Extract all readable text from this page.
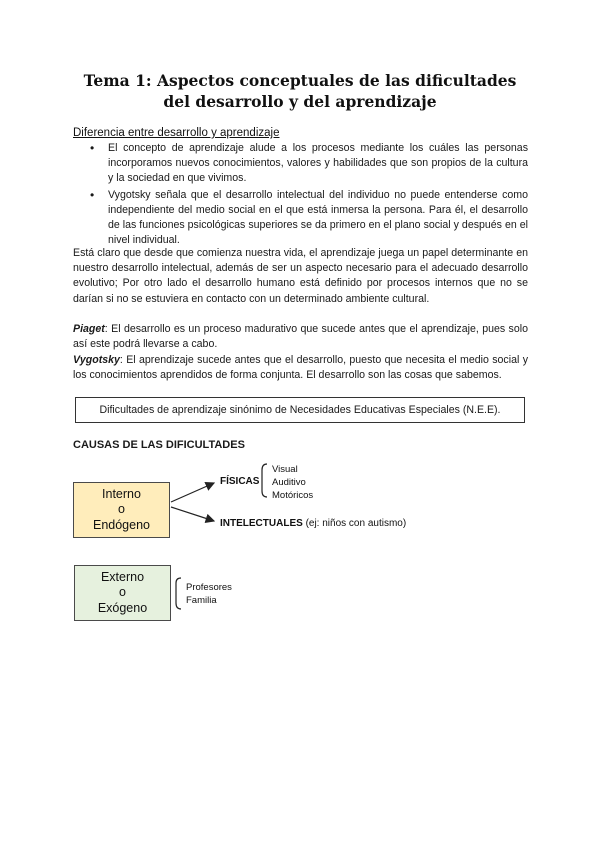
Tema 1: Aspectos conceptuales de las dificultades del desarrollo y del aprendizaje
Diferencia entre desarrollo y aprendizaje
• El concepto de aprendizaje alude a los procesos mediante los cuáles las personas incorporamos nuevos conocimientos, valores y habilidades que son propios de la cultura y la sociedad en que vivimos.
• Vygotsky señala que el desarrollo intelectual del individuo no puede entenderse como independiente del medio social en el que está inmersa la persona. Para él, el desarrollo de las funciones psicológicas superiores se da primero en el plano social y después en el nivel individual.

Está claro que desde que comienza nuestra vida, el aprendizaje juega un papel determinante en nuestro desarrollo intelectual, además de ser un aspecto necesario para el adecuado desarrollo evolutivo; Por otro lado el desarrollo humano está definido por procesos internos que no se darían si no se estuviera en contacto con un determinado ambiente cultural.

Piaget: El desarrollo es un proceso madurativo que sucede antes que el aprendizaje, pues solo así este podrá llevarse a cabo.

Vygotsky: El aprendizaje sucede antes que el desarrollo, puesto que necesita el medio social y los conocimientos aprendidos de forma conjunta. El desarrollo son las cosas que sabemos.

Dificultades de aprendizaje sinónimo de Necesidades Educativas Especiales (N.E.E).
CAUSAS DE LAS DIFICULTADES
Interno
o
Endógeno
FÍSICAS
Visual
Auditivo
Motóricos
INTELECTUALES (ej: niños con autismo)
Externo
o
Exógeno
Profesores
Familia
